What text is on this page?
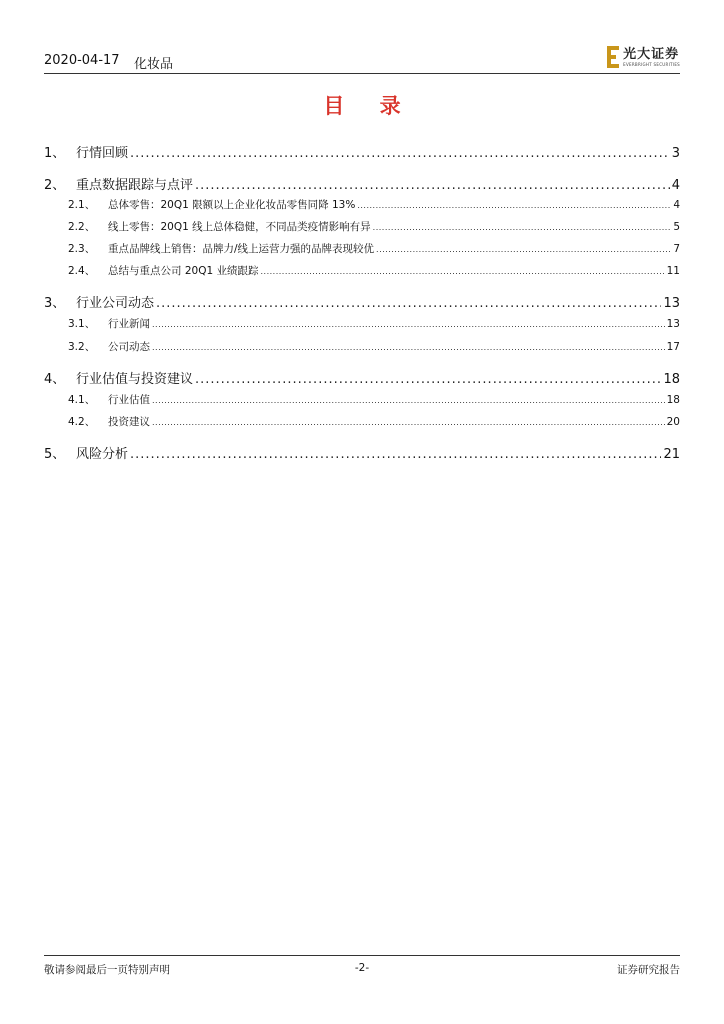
2020-04-17 化妆品
光大证券
EVERBRIGHT SECURITIES
目 录
1、 行情回顾 .....	3
2、 重点数据跟踪与点评 .....	4
2.1、	总体零售：20Q1 限额以上企业化妆品零售同降 13% .....	4
2.2、	线上零售：20Q1 线上总体稳健，不同品类疫情影响有异 .....	5
2.3、	重点品牌线上销售：品牌力/线上运营力强的品牌表现较优 .....	7
2.4、	总结与重点公司 20Q1 业绩跟踪 .....	11
3、 行业公司动态 .....	13
3.1、	行业新闻 .....	13
3.2、	公司动态 .....	17
4、 行业估值与投资建议 .....	18
4.1、	行业估值 .....	18
4.2、	投资建议 .....	20
5、 风险分析 .....	21
敬请参阅最后一页特别声明	-2-	证券研究报告
